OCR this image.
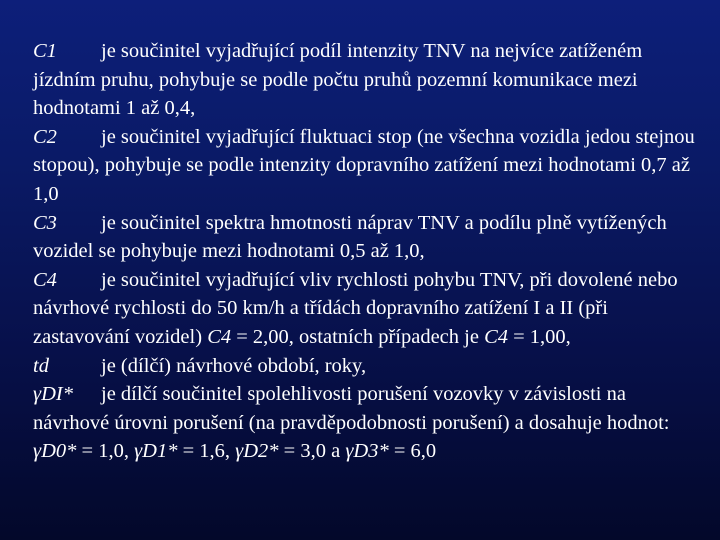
C1 je součinitel vyjadřující podíl intenzity TNV na nejvíce zatíženém jízdním pruhu, pohybuje se podle počtu pruhů pozemní komunikace mezi hodnotami 1 až 0,4,

C2 je součinitel vyjadřující fluktuaci stop (ne všechna vozidla jedou stejnou stopou), pohybuje se podle intenzity dopravního zatížení mezi hodnotami 0,7 až 1,0

C3 je součinitel spektra hmotnosti náprav TNV a podílu plně vytížených vozidel se pohybuje mezi hodnotami 0,5 až 1,0,

C4 je součinitel vyjadřující vliv rychlosti pohybu TNV, při dovolené nebo návrhové rychlosti do 50 km/h a třídách dopravního zatížení I a II (při zastavování vozidel) C4 = 2,00, ostatních případech je C4 = 1,00,

td	je (dílčí) návrhové období, roky,

γDI* je dílčí součinitel spolehlivosti porušení vozovky v závislosti na návrhové úrovni porušení (na pravděpodobnosti porušení) a dosahuje hodnot: γD0* = 1,0, γD1* = 1,6, γD2* = 3,0 a γD3* = 6,0
